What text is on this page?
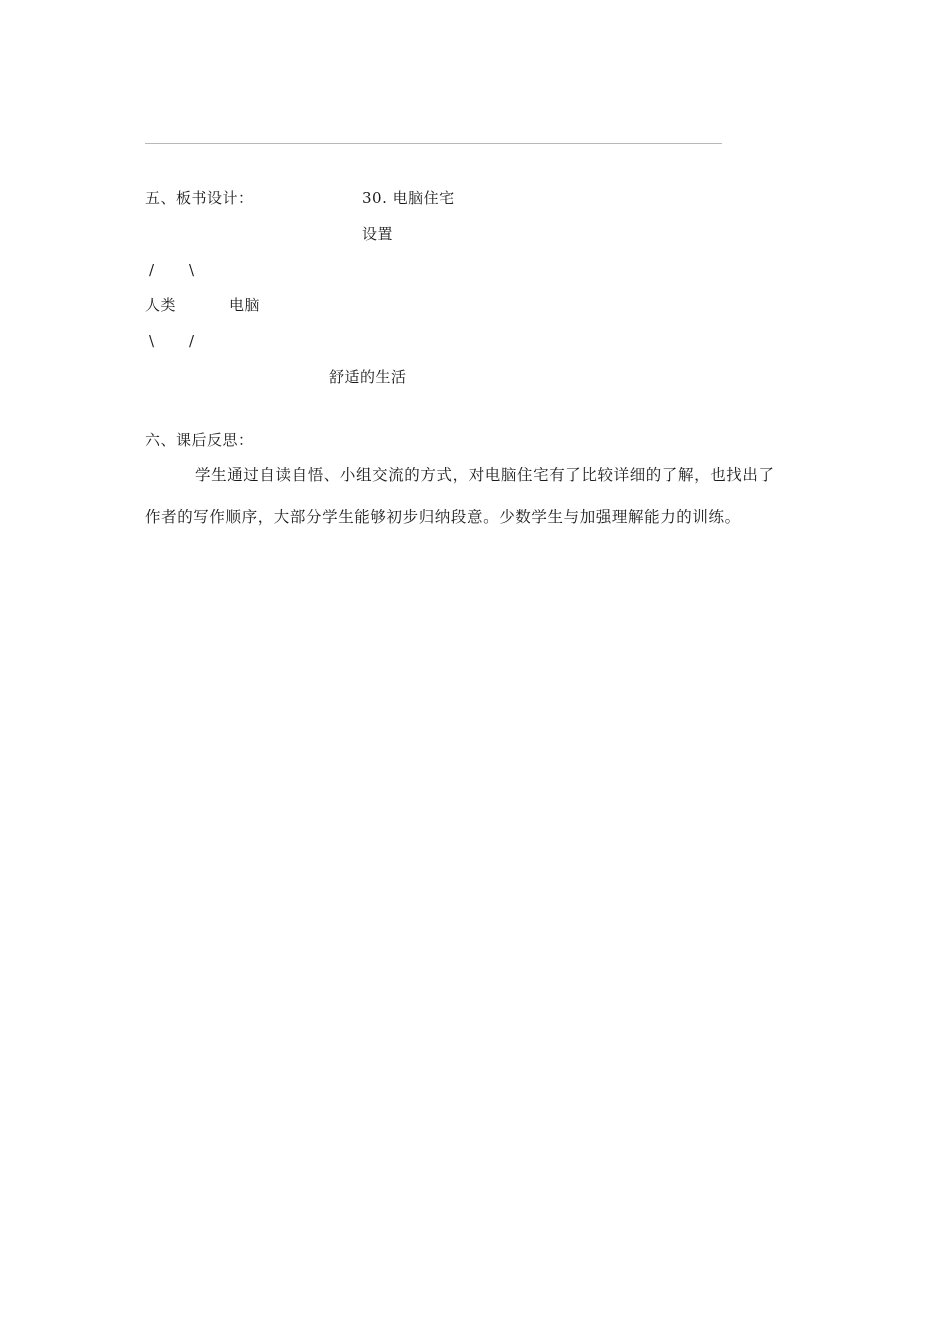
五、板书设计：	30. 电脑住宅
设置
/ \
人类	电脑
\ /
舒适的生活
六、课后反思：
学生通过自读自悟、小组交流的方式，对电脑住宅有了比较详细的了解，也找出了
作者的写作顺序，大部分学生能够初步归纳段意。少数学生与加强理解能力的训练。
